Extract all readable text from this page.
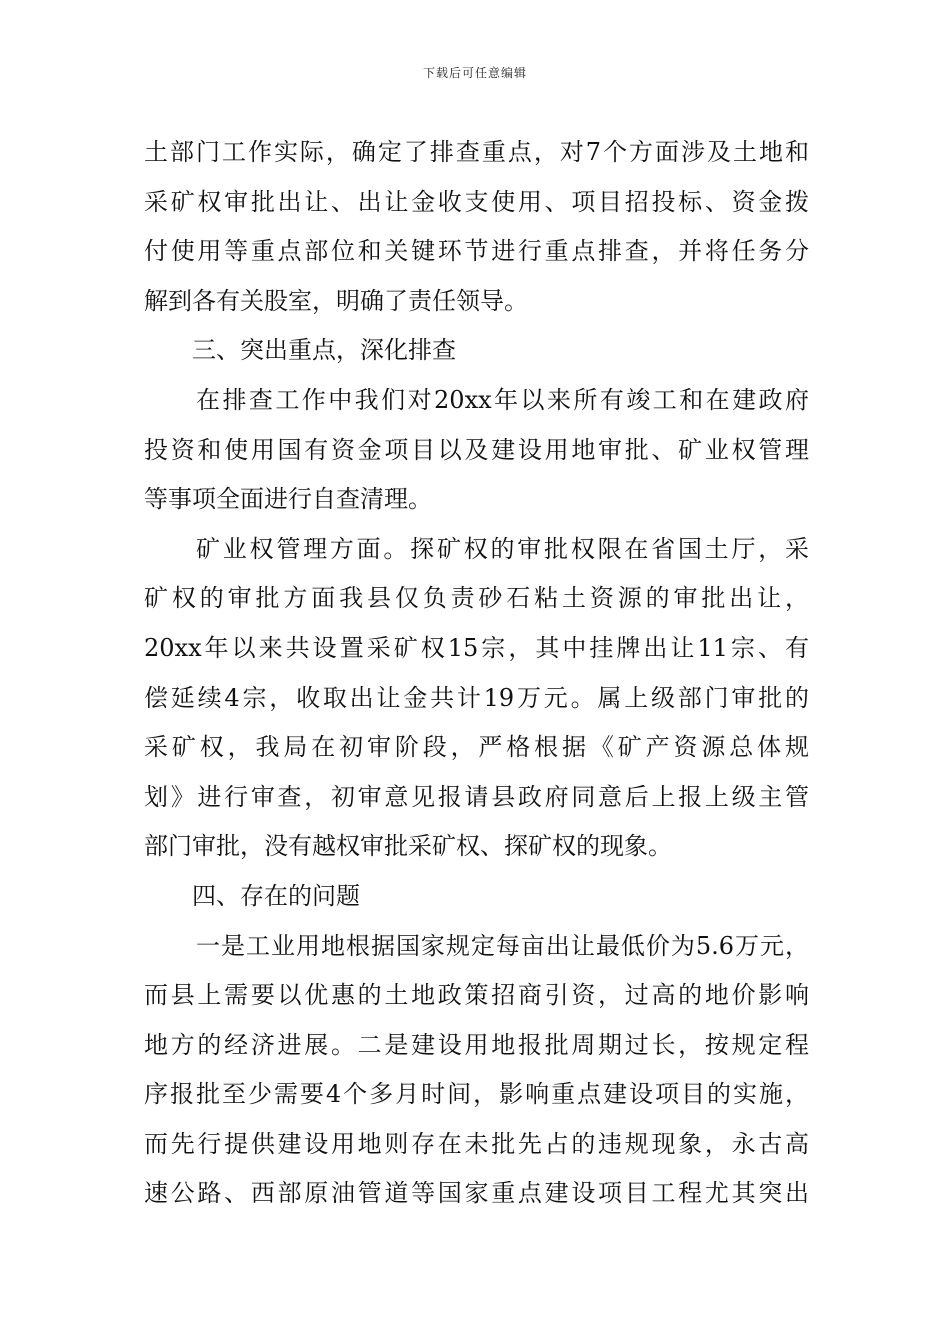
下载后可任意编辑
土部门工作实际，确定了排查重点，对7个方面涉及土地和
采矿权审批出让、出让金收支使用、项目招投标、资金拨
付使用等重点部位和关键环节进行重点排查，并将任务分
解到各有关股室，明确了责任领导。
三、突出重点，深化排查
在排查工作中我们对20xx年以来所有竣工和在建政府
投资和使用国有资金项目以及建设用地审批、矿业权管理
等事项全面进行自查清理。
矿业权管理方面。探矿权的审批权限在省国土厅，采
矿权的审批方面我县仅负责砂石粘土资源的审批出让，
20xx年以来共设置采矿权15宗，其中挂牌出让11宗、有
偿延续4宗，收取出让金共计19万元。属上级部门审批的
采矿权，我局在初审阶段，严格根据《矿产资源总体规
划》进行审查，初审意见报请县政府同意后上报上级主管
部门审批，没有越权审批采矿权、探矿权的现象。
四、存在的问题
一是工业用地根据国家规定每亩出让最低价为5.6万元，
而县上需要以优惠的土地政策招商引资，过高的地价影响
地方的经济进展。二是建设用地报批周期过长，按规定程
序报批至少需要4个多月时间，影响重点建设项目的实施，
而先行提供建设用地则存在未批先占的违规现象，永古高
速公路、西部原油管道等国家重点建设项目工程尤其突出
